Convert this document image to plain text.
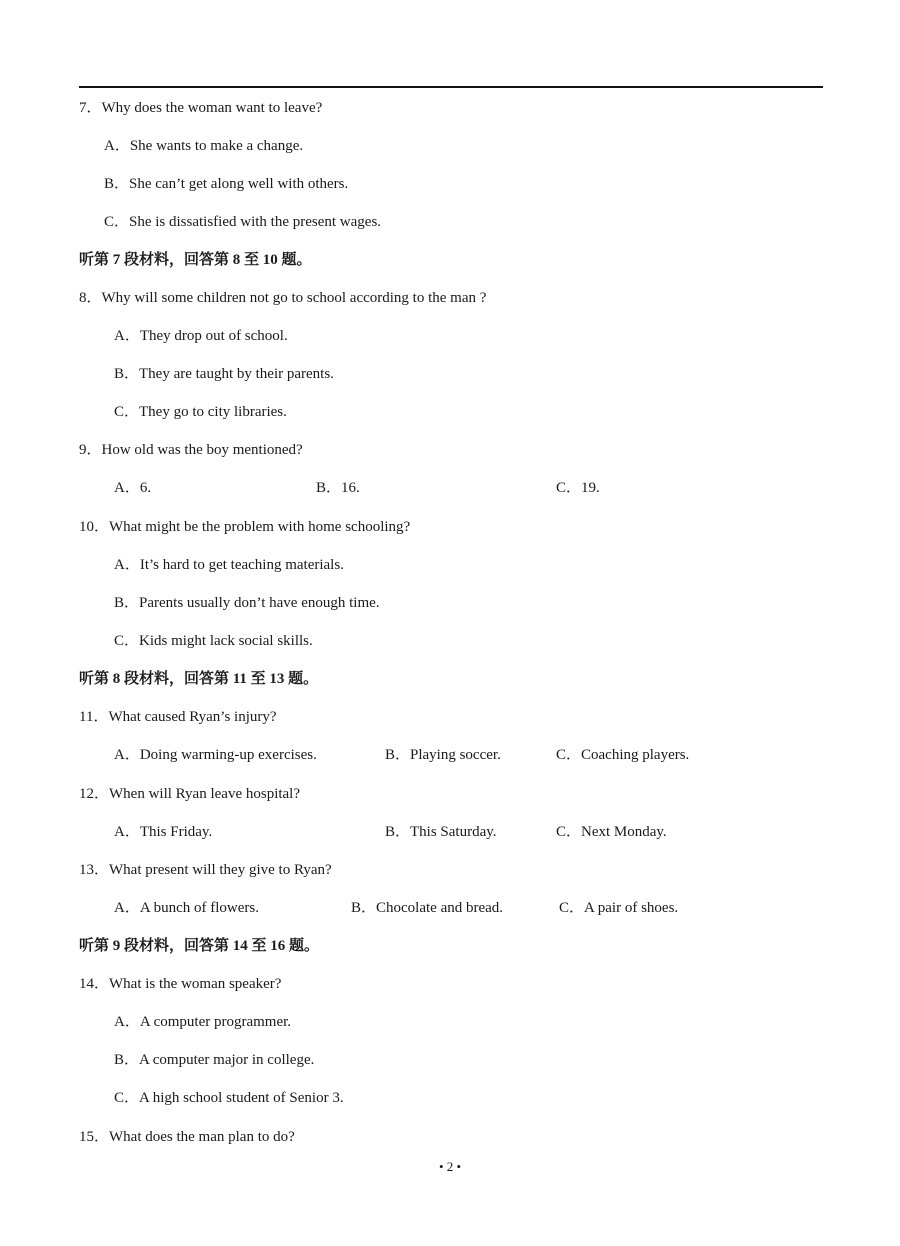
7．Why does the woman want to leave?
A．She wants to make a change.
B．She can’t get along well with others.
C．She is dissatisfied with the present wages.
听第 7 段材料，回答第 8 至 10 题。
8．Why will some children not go to school according to the man ?
A．They drop out of school.
B．They are taught by their parents.
C．They go to city libraries.
9．How old was the boy mentioned?
A．6.	B．16.	C．19.
10．What might be the problem with home schooling?
A．It’s hard to get teaching materials.
B．Parents usually don’t have enough time.
C．Kids might lack social skills.
听第 8 段材料，回答第 11 至 13 题。
11．What caused Ryan’s injury?
A．Doing warming-up exercises.	B．Playing soccer.	C．Coaching players.
12．When will Ryan leave hospital?
A．This Friday.	B．This Saturday.	C．Next Monday.
13．What present will they give to Ryan?
A．A bunch of flowers.	B．Chocolate and bread.	C．A pair of shoes.
听第 9 段材料，回答第 14 至 16 题。
14．What is the woman speaker?
A．A computer programmer.
B．A computer major in college.
C．A high school student of Senior 3.
15．What does the man plan to do?
• 2 •
